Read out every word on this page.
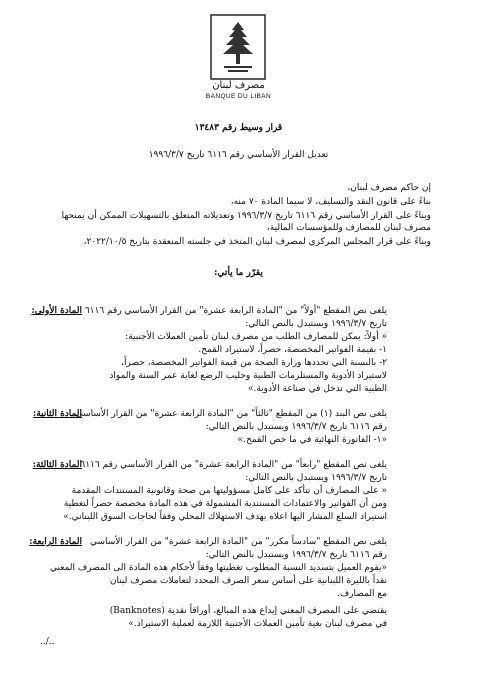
مصرف لبنان
BANQUE DU LIBAN
قرار وسيط رقم ١٣٤٨٣
تعديل القرار الأساسي رقم ٦١١٦ تاريخ ١٩٩٦/٣/٧
إن حاكم مصرف لبنان،
بناءً على قانون النقد والتسليف، لا سيما المادة ٧٠ منه،
وبناءً على القرار الأساسي رقم ٦١١٦ تاريخ ١٩٩٦/٣/٧ وتعديلاته المتعلق بالتسهيلات الممكن أن يمنحها
مصرف لبنان للمصارف وللمؤسسات المالية،
وبناءً على قرار المجلس المركزي لمصرف لبنان المتخذ في جلسته المنعقدة بتاريخ ٢٠٢٢/١٠/٥،
يقرّر ما يأتي:
المادة الأولى: يلغى نص المقطع "أولاً" من "المادة الرابعة عشرة" من القرار الأساسي رقم ٦١١٦
تاريخ ١٩٩٦/٣/٧ ويستبدل بالنص التالي:
« أولاً: يمكن للمصارف الطلب من مصرف لبنان تأمين العملات الأجنبية:
١- بقيمة الفواتير المخصصة، حصراً، لاستيراد القمح.
٢- بالنسبة التي تحددها وزارة الصحة من قيمة الفواتير المخصصة، حصراً،
لاستيراد الأدوية والمستلزمات الطبية وحليب الرضع لغاية عمر السنة والمواد
الطبية التي تدخل في صناعة الأدوية.»
المادة الثانية:
يلغى نص البند (١) من المقطع "ثالثاً" من "المادة الرابعة عشرة" من القرار الأساسي
رقم ٦١١٦ تاريخ ١٩٩٦/٣/٧ ويستبدل بالنص التالي:
«١- الفاتورة النهائية في ما خص القمح.»
المادة الثالثة:
يلغى نص المقطع "رابعاً" من "المادة الرابعة عشرة" من القرار الأساسي رقم ٦١١٦
تاريخ ١٩٩٦/٣/٧ ويستبدل بالنص التالي:
« على المصارف أن تتأكد على كامل مسؤوليتها من صحة وقانونية المستندات المقدمة
ومن أن الفواتير والاعتمادات المستندية المشمولة في هذه المادة مخصصة حصراً لتغطية
استيراد السلع المشار اليها اعلاه بهدف الاستهلاك المحلي وفقاً لحاجات السوق اللبناني.»
المادة الرابعة: يلغى نص المقطع "سادساً مكرر" من "المادة الرابعة عشرة" من القرار الأساسي
رقم ٦١١٦ تاريخ ١٩٩٦/٣/٧ ويستبدل بالنص التالي:
«يقوم العميل بتسديد النسبة المطلوب تغطيتها وفقاً لأحكام هذه المادة الى المصرف المعني
نقداً بالليرة اللبنانية على أساس سعر الصرف المحدد لتعاملات مصرف لبنان
مع المصارف.
يقتضي على المصرف المعني إيداع هذه المبالغ، أوراقاً نقدية (Banknotes)
في مصرف لبنان بغية تأمين العملات الأجنبية اللازمة لعملية الاستيراد.»
../..
